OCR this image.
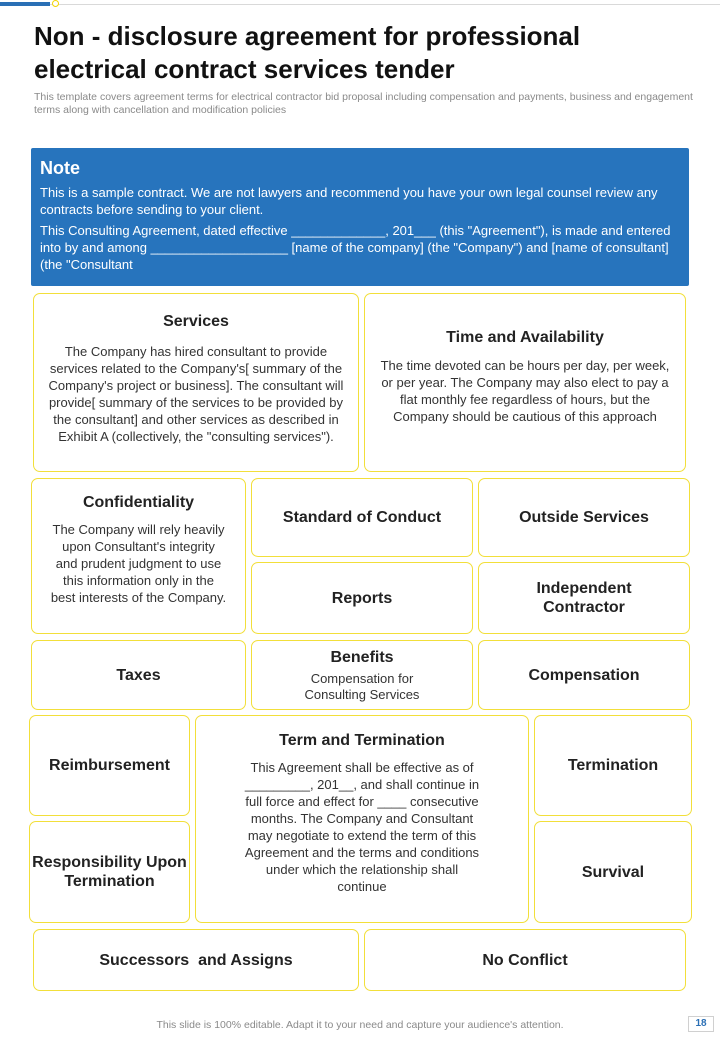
Non - disclosure agreement for professional electrical contract services tender

This template covers agreement terms for electrical contractor bid proposal including compensation and payments, business and engagement terms along with cancellation and modification policies

Note

This is a sample contract. We are not lawyers and recommend you have your own legal counsel review any contracts before sending to your client.

This Consulting Agreement, dated effective _____________, 201___ (this "Agreement"), is made and entered into by and among ___________________ [name of the company] (the "Company") and [name of consultant] (the "Consultant

Services
The Company has hired consultant to provide services related to the Company's[ summary of the Company's project or business]. The consultant will provide[ summary of the services to be provided by the consultant] and other services as described in Exhibit A (collectively, the "consulting services").
Time and Availability
The time devoted can be hours per day, per week, or per year. The Company may also elect to pay a flat monthly fee regardless of hours, but the Company should be cautious of this approach
Confidentiality
The Company will rely heavily upon Consultant's integrity and prudent judgment to use this information only in the best interests of the Company.
Standard of Conduct	Outside Services
Reports
Independent Contractor
Taxes
Benefits
Compensation for Consulting Services
Compensation
Reimbursement
Term and Termination
This Agreement shall be effective as of _________, 201__, and shall continue in full force and effect for ____ consecutive months. The Company and Consultant may negotiate to extend the term of this Agreement and the terms and conditions under which the relationship shall continue
Termination
Responsibility Upon Termination
Survival
Successors  and Assigns	No Conflict
This slide is 100% editable. Adapt it to your need and capture your audience's attention.	18
